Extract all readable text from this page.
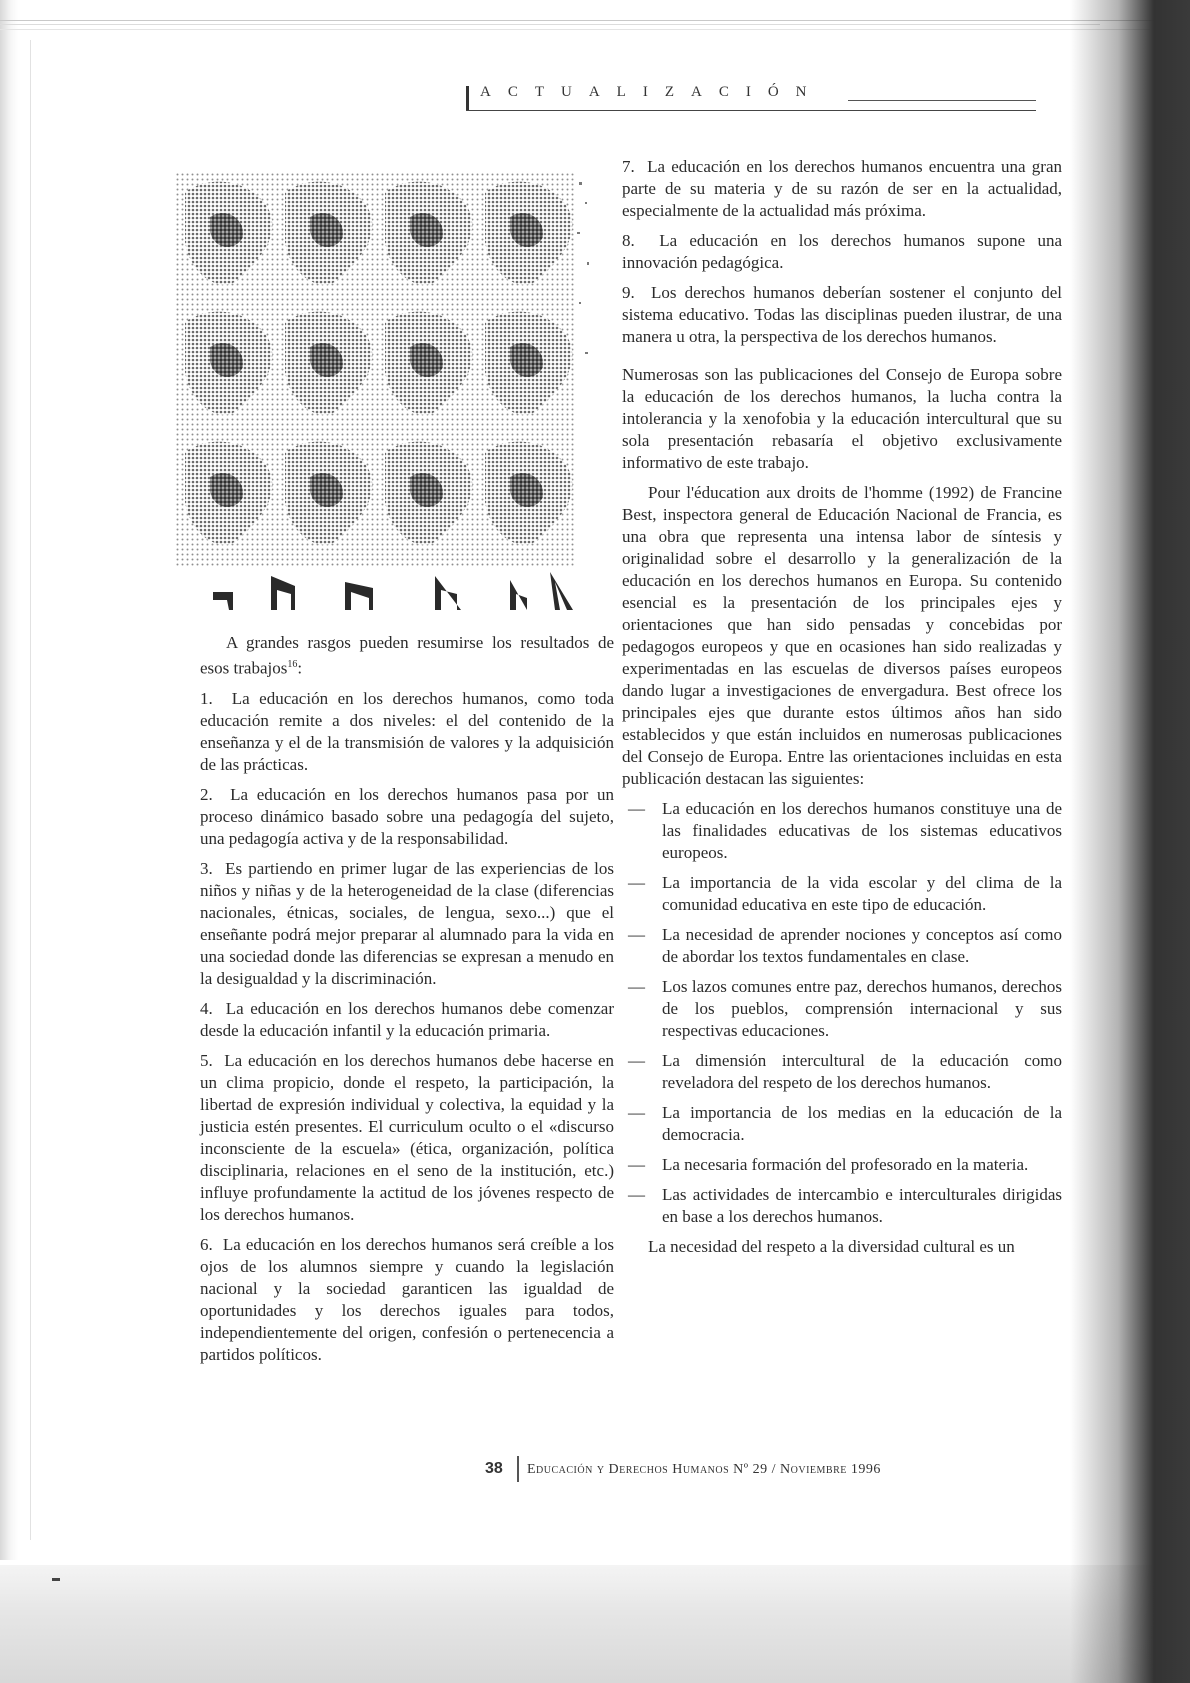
ACTUALIZACIÓN

A grandes rasgos pueden resumirse los resultados de esos trabajos$^{16}$:

1. La educación en los derechos humanos, como toda educación remite a dos niveles: el del contenido de la enseñanza y el de la transmisión de valores y la adquisición de las prácticas.

2. La educación en los derechos humanos pasa por un proceso dinámico basado sobre una pedagogía del sujeto, una pedagogía activa y de la responsabilidad.

3. Es partiendo en primer lugar de las experiencias de los niños y niñas y de la heterogeneidad de la clase (diferencias nacionales, étnicas, sociales, de lengua, sexo...) que el enseñante podrá mejor preparar al alumnado para la vida en una sociedad donde las diferencias se expresan a menudo en la desigualdad y la discriminación.

4. La educación en los derechos humanos debe comenzar desde la educación infantil y la educación primaria.

5. La educación en los derechos humanos debe hacerse en un clima propicio, donde el respeto, la participación, la libertad de expresión individual y colectiva, la equidad y la justicia estén presentes. El curriculum oculto o el «discurso inconsciente de la escuela» (ética, organización, política disciplinaria, relaciones en el seno de la institución, etc.) influye profundamente la actitud de los jóvenes respecto de los derechos humanos.

6. La educación en los derechos humanos será creíble a los ojos de los alumnos siempre y cuando la legislación nacional y la sociedad garanticen las igualdad de oportunidades y los derechos iguales para todos, independientemente del origen, confesión o pertenecencia a partidos políticos.

7. La educación en los derechos humanos encuentra una gran parte de su materia y de su razón de ser en la actualidad, especialmente de la actualidad más próxima.

8. La educación en los derechos humanos supone una innovación pedagógica.

9. Los derechos humanos deberían sostener el conjunto del sistema educativo. Todas las disciplinas pueden ilustrar, de una manera u otra, la perspectiva de los derechos humanos.

Numerosas son las publicaciones del Consejo de Europa sobre la educación de los derechos humanos, la lucha contra la intolerancia y la xenofobia y la educación intercultural que su sola presentación rebasaría el objetivo exclusivamente informativo de este trabajo.

Pour l'éducation aux droits de l'homme (1992) de Francine Best, inspectora general de Educación Nacional de Francia, es una obra que representa una intensa labor de síntesis y originalidad sobre el desarrollo y la generalización de la educación en los derechos humanos en Europa. Su contenido esencial es la presentación de los principales ejes y orientaciones que han sido pensadas y concebidas por pedagogos europeos y que en ocasiones han sido realizadas y experimentadas en las escuelas de diversos países europeos dando lugar a investigaciones de envergadura. Best ofrece los principales ejes que durante estos últimos años han sido establecidos y que están incluidos en numerosas publicaciones del Consejo de Europa. Entre las orientaciones incluidas en esta publicación destacan las siguientes:

— La educación en los derechos humanos constituye una de las finalidades educativas de los sistemas educativos europeos.
— La importancia de la vida escolar y del clima de la comunidad educativa en este tipo de educación.
— La necesidad de aprender nociones y conceptos así como de abordar los textos fundamentales en clase.
— Los lazos comunes entre paz, derechos humanos, derechos de los pueblos, comprensión internacional y sus respectivas educaciones.
— La dimensión intercultural de la educación como reveladora del respeto de los derechos humanos.
— La importancia de los medias en la educación de la democracia.
— La necesaria formación del profesorado en la materia.
— Las actividades de intercambio e interculturales dirigidas en base a los derechos humanos.

La necesidad del respeto a la diversidad cultural es un

38 Educación y Derechos Humanos Nº 29 / Noviembre 1996
